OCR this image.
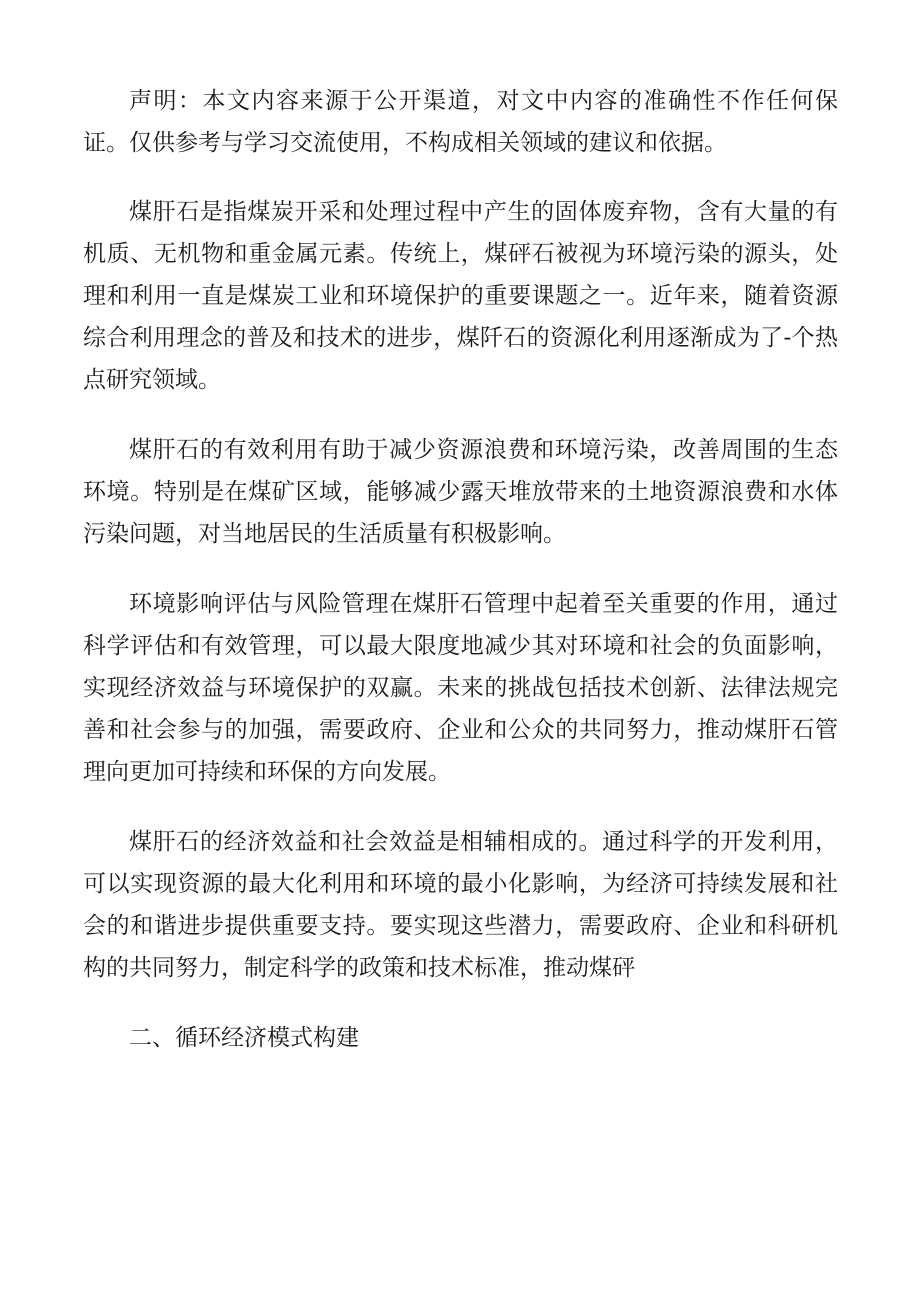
声明：本文内容来源于公开渠道，对文中内容的准确性不作任何保证。仅供参考与学习交流使用，不构成相关领域的建议和依据。

煤肝石是指煤炭开采和处理过程中产生的固体废弃物，含有大量的有机质、无机物和重金属元素。传统上，煤砰石被视为环境污染的源头，处理和利用一直是煤炭工业和环境保护的重要课题之一。近年来，随着资源综合利用理念的普及和技术的进步，煤阡石的资源化利用逐渐成为了-个热点研究领域。

煤肝石的有效利用有助于减少资源浪费和环境污染，改善周围的生态环境。特别是在煤矿区域，能够减少露天堆放带来的土地资源浪费和水体污染问题，对当地居民的生活质量有积极影响。

环境影响评估与风险管理在煤肝石管理中起着至关重要的作用，通过科学评估和有效管理，可以最大限度地减少其对环境和社会的负面影响，实现经济效益与环境保护的双赢。未来的挑战包括技术创新、法律法规完善和社会参与的加强，需要政府、企业和公众的共同努力，推动煤肝石管理向更加可持续和环保的方向发展。

煤肝石的经济效益和社会效益是相辅相成的。通过科学的开发利用，可以实现资源的最大化利用和环境的最小化影响，为经济可持续发展和社会的和谐进步提供重要支持。要实现这些潜力，需要政府、企业和科研机构的共同努力，制定科学的政策和技术标准，推动煤砰

二、循环经济模式构建
